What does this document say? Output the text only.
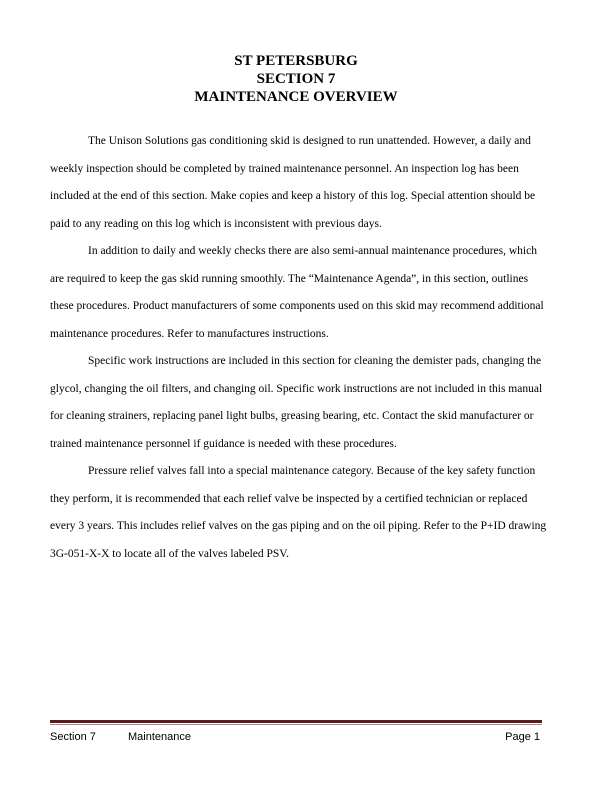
ST PETERSBURG
SECTION 7
MAINTENANCE OVERVIEW

The Unison Solutions gas conditioning skid is designed to run unattended. However, a daily and weekly inspection should be completed by trained maintenance personnel. An inspection log has been included at the end of this section. Make copies and keep a history of this log. Special attention should be paid to any reading on this log which is inconsistent with previous days.

In addition to daily and weekly checks there are also semi-annual maintenance procedures, which are required to keep the gas skid running smoothly. The “Maintenance Agenda”, in this section, outlines these procedures. Product manufacturers of some components used on this skid may recommend additional maintenance procedures. Refer to manufactures instructions.

Specific work instructions are included in this section for cleaning the demister pads, changing the glycol, changing the oil filters, and changing oil. Specific work instructions are not included in this manual for cleaning strainers, replacing panel light bulbs, greasing bearing, etc. Contact the skid manufacturer or trained maintenance personnel if guidance is needed with these procedures.

Pressure relief valves fall into a special maintenance category. Because of the key safety function they perform, it is recommended that each relief valve be inspected by a certified technician or replaced every 3 years. This includes relief valves on the gas piping and on the oil piping. Refer to the P+ID drawing 3G-051-X-X to locate all of the valves labeled PSV.

Section 7	Maintenance	Page 1
